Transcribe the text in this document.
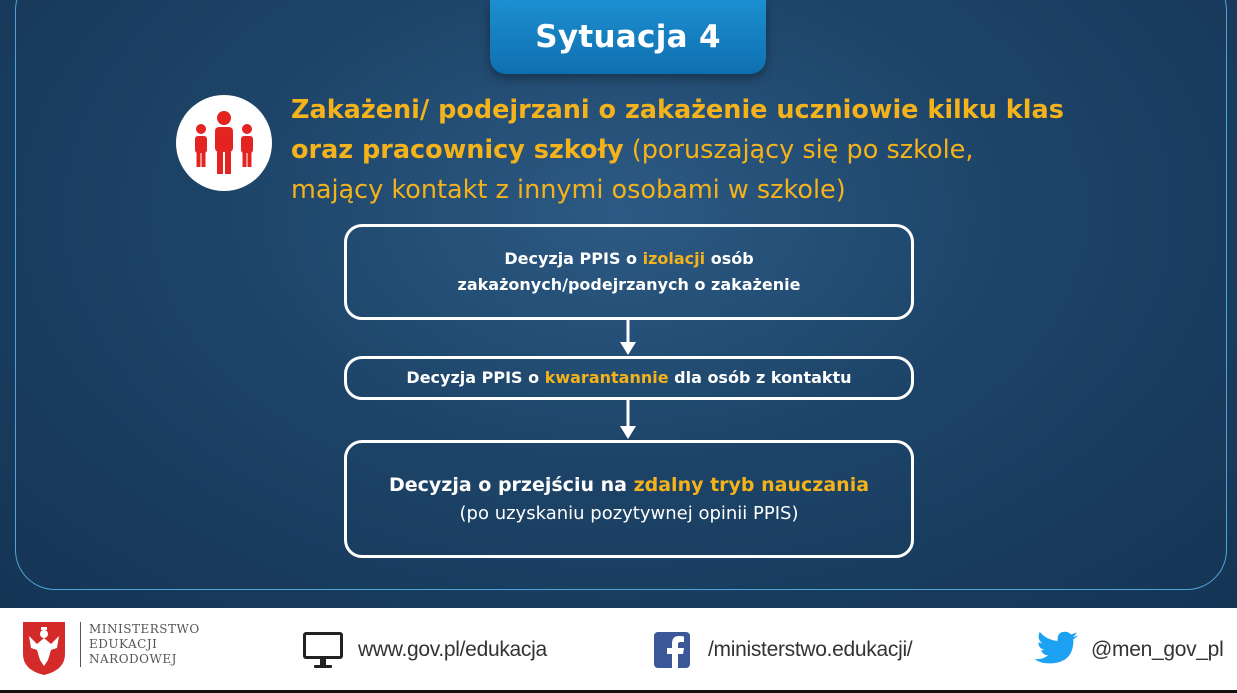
Sytuacja 4
Zakażeni/ podejrzani o zakażenie uczniowie kilku klas
oraz pracownicy szkoły (poruszający się po szkole,
mający kontakt z innymi osobami w szkole)
Decyzja PPIS o izolacji osób
zakażonych/podejrzanych o zakażenie
Decyzja PPIS o kwarantannie dla osób z kontaktu
Decyzja o przejściu na zdalny tryb nauczania
(po uzyskaniu pozytywnej opinii PPIS)
MINISTERSTWO
EDUKACJI
NARODOWEJ	www.gov.pl/edukacja	/ministerstwo.edukacji/	@men_gov_pl
